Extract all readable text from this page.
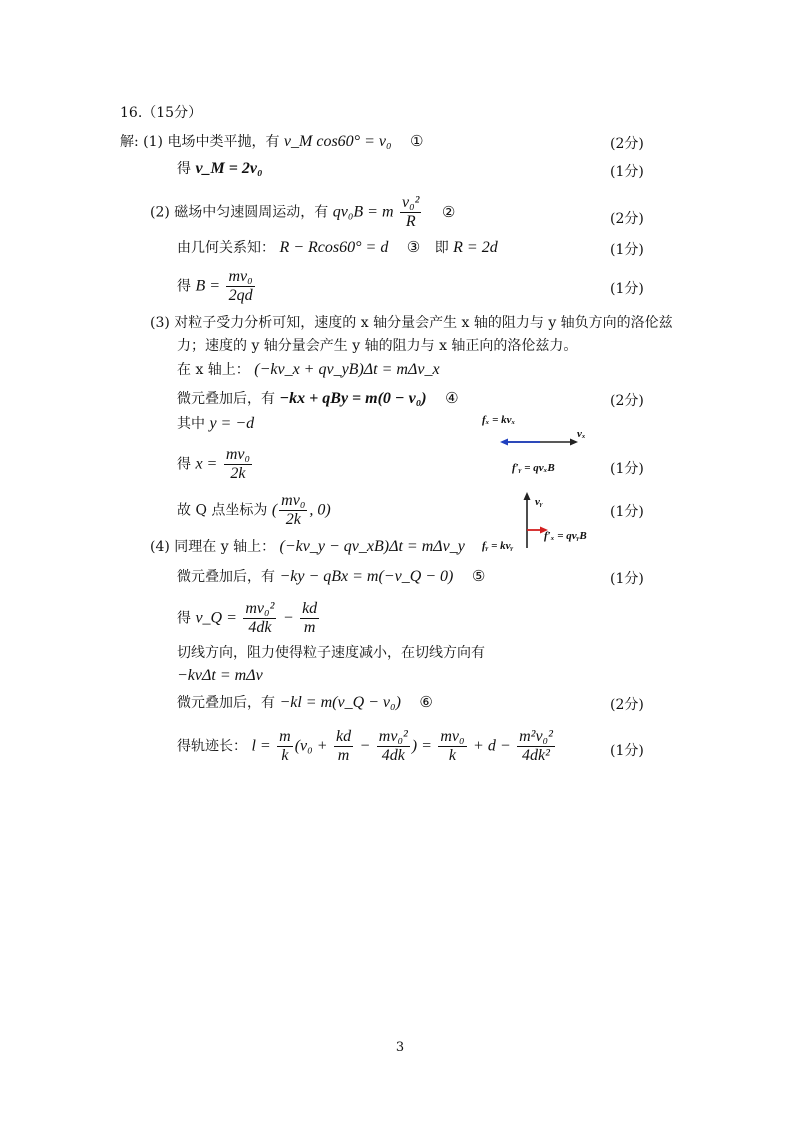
16.（15分）
解: (1) 电场中类平抛，有 v_M cos60° = v₀ ①	(2分)
得 v_M = 2v₀	(1分)
(2) 磁场中匀速圆周运动，有 qv₀B = m $\frac{\text{v₀²}}{R}$ ②	(2分)
由几何关系知： R − Rcos60° = d ③ 即 R = 2d	(1分)
得 $B = \frac{\text{mv₀}}{2qd}$	(1分)
(3) 对粒子受力分析可知，速度的 x 轴分量会产生 x 轴的阻力与 y 轴负方向的洛伦兹
力；速度的 y 轴分量会产生 y 轴的阻力与 x 轴正向的洛伦兹力。
在 x 轴上： (−kv_x + qv_yB)Δt = mΔv_x
微元叠加后，有 −kx + qBy = m(0 − v₀) ④	(2分)
其中 y = −d
得 $x = \frac{\text{mv₀}}{2k}$	(1分)
故 Q 点坐标为 ( $\frac{\text{mv₀}}{2k}$ , 0)	(1分)
(4) 同理在 y 轴上： (−kv_y − qv_xB)Δt = mΔv_y
微元叠加后，有 −ky − qBx = m(−v_Q − 0) ⑤	(1分)
得 v_Q = $\frac{\text{mv₀²}}{4dk} - \frac{kd}{m}$
切线方向，阻力使得粒子速度减小，在切线方向有
−kvΔt = mΔv
微元叠加后，有 −kl = m(v_Q − v₀) ⑥	(2分)
得轨迹长： $l = \frac{m}{k} (v_0 + \frac{kd}{m} - \frac{\text{mv₀²}}{4dk}$ ) = $\frac{\text{mv₀}}{k} + d - \frac{\text{m²v₀²}}{\text{4dk²}}$	(1分)
fₓ = kvₓ
vₓ
f′ᵧ = qvₓB
vᵧ
f′ₓ = qvᵧB
fᵧ = kvᵧ
3
